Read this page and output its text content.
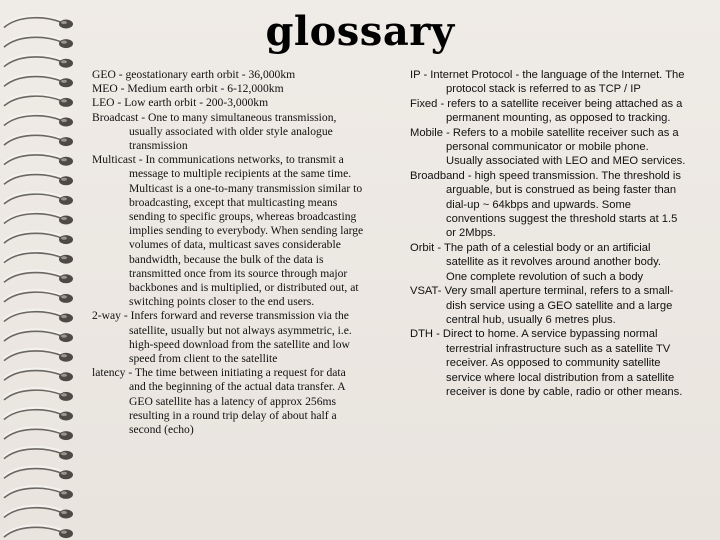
glossary

GEO - geostationary earth orbit - 36,000km

MEO - Medium earth orbit - 6-12,000km

LEO - Low earth orbit - 200-3,000km

Broadcast - One to many simultaneous transmission, usually associated with older style analogue transmission

Multicast - In communications networks, to transmit a message to multiple recipients at the same time. Multicast is a one-to-many transmission similar to broadcasting, except that multicasting means sending to specific groups, whereas broadcasting implies sending to everybody. When sending large volumes of data, multicast saves considerable bandwidth, because the bulk of the data is transmitted once from its source through major backbones and is multiplied, or distributed out, at switching points closer to the end users.

2-way - Infers forward and reverse transmission via the satellite, usually but not always asymmetric, i.e. high-speed download from the satellite and low speed from client to the satellite

latency - The time between initiating a request for data and the beginning of the actual data transfer. A GEO satellite has a latency of approx 256ms resulting in a round trip delay of about half a second (echo)

IP - Internet Protocol - the language of the Internet. The protocol stack is referred to as TCP / IP

Fixed - refers to a satellite receiver being attached as a permanent mounting, as opposed to tracking.

Mobile - Refers to a mobile satellite receiver such as a personal communicator or mobile phone. Usually associated with LEO and MEO services.

Broadband - high speed transmission. The threshold is arguable, but is construed as being faster than dial-up ~ 64kbps and upwards. Some conventions suggest the threshold starts at 1.5 or 2Mbps.

Orbit - The path of a celestial body or an artificial satellite as it revolves around another body.

One complete revolution of such a body

VSAT- Very small aperture terminal, refers to a small-dish service using a GEO satellite and a large central hub, usually 6 metres plus.

DTH - Direct to home. A service bypassing normal terrestrial infrastructure such as a satellite TV receiver. As opposed to community satellite service where local distribution from a satellite receiver is done by cable, radio or other means.
